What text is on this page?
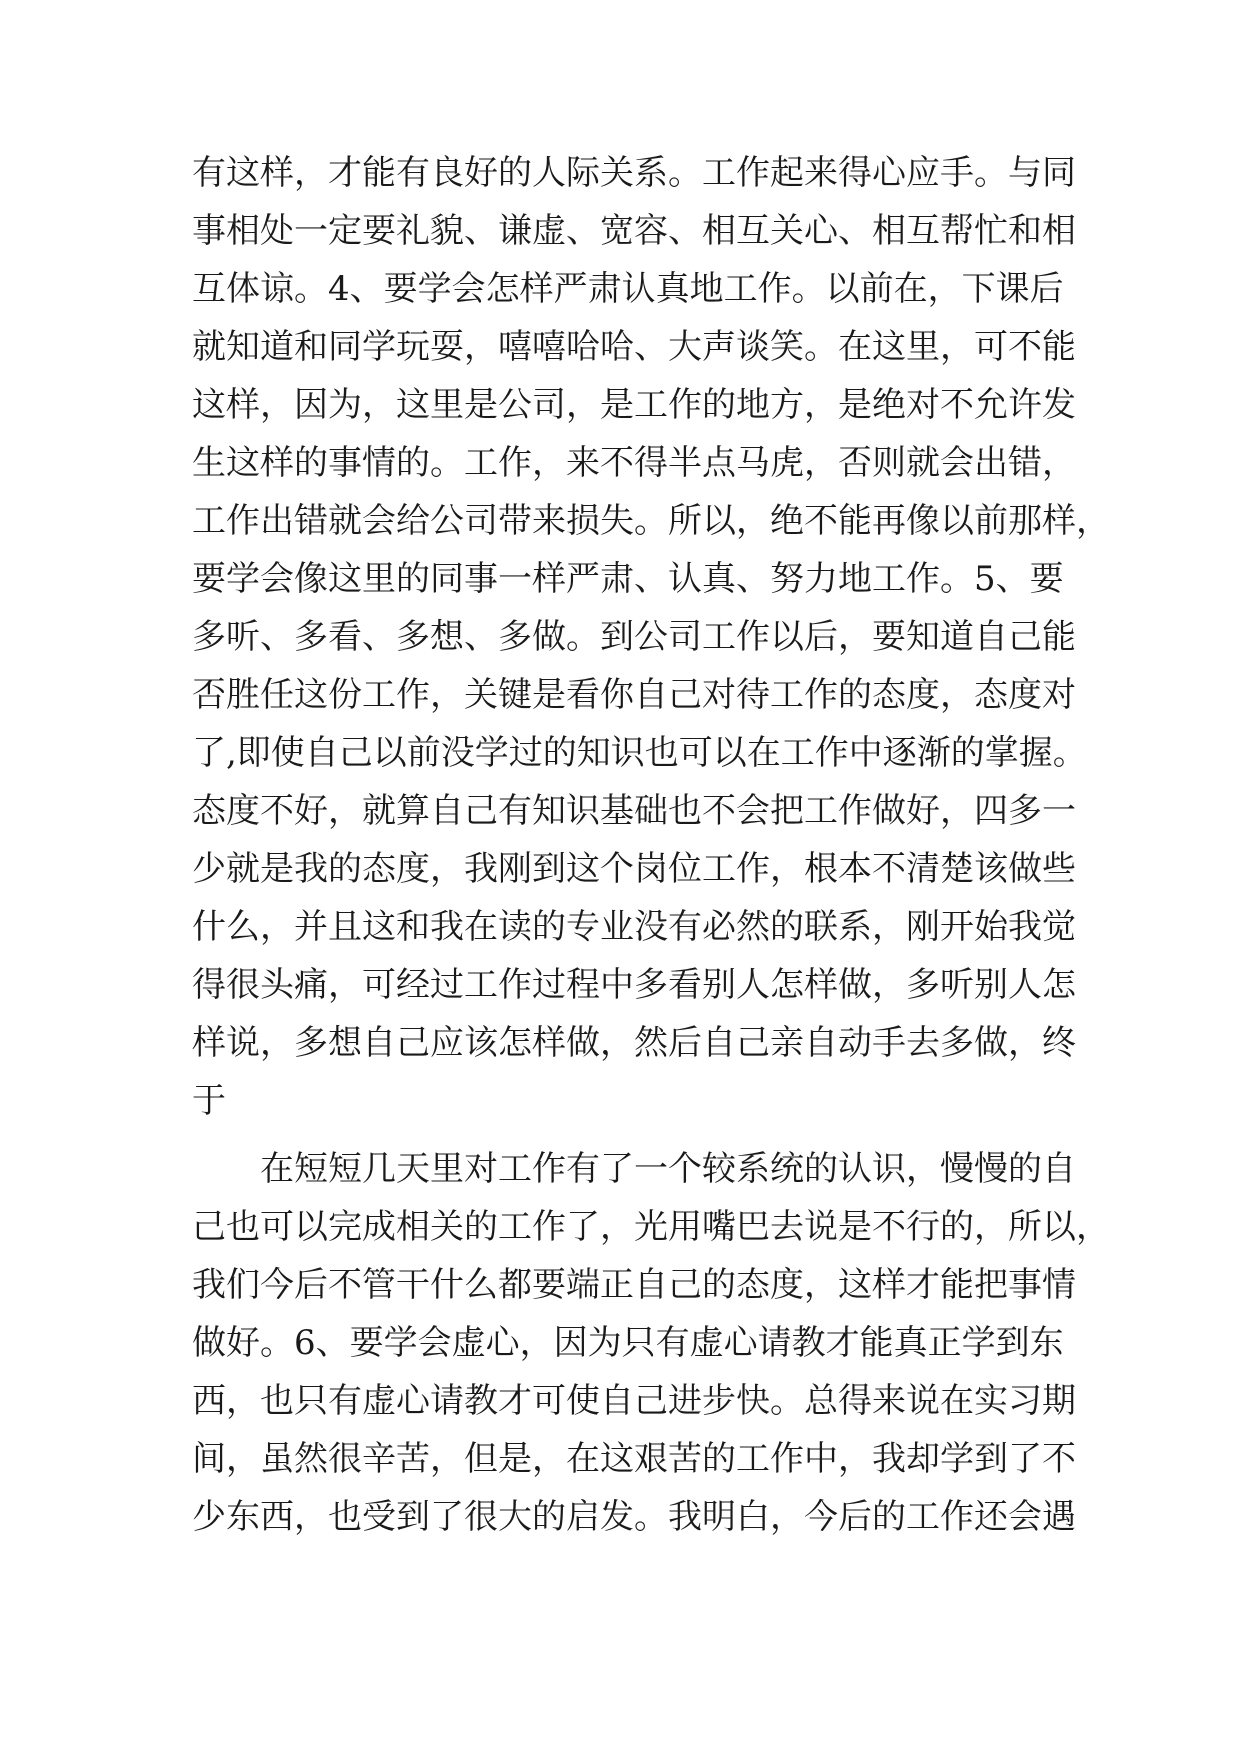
有这样，才能有良好的人际关系。工作起来得心应手。与同
事相处一定要礼貌、谦虚、宽容、相互关心、相互帮忙和相
互体谅。4、要学会怎样严肃认真地工作。以前在，下课后
就知道和同学玩耍，嘻嘻哈哈、大声谈笑。在这里，可不能
这样，因为，这里是公司，是工作的地方，是绝对不允许发
生这样的事情的。工作，来不得半点马虎，否则就会出错，
工作出错就会给公司带来损失。所以，绝不能再像以前那样，
要学会像这里的同事一样严肃、认真、努力地工作。5、要
多听、多看、多想、多做。到公司工作以后，要知道自己能
否胜任这份工作，关键是看你自己对待工作的态度，态度对
了,即使自己以前没学过的知识也可以在工作中逐渐的掌握。
态度不好，就算自己有知识基础也不会把工作做好，四多一
少就是我的态度，我刚到这个岗位工作，根本不清楚该做些
什么，并且这和我在读的专业没有必然的联系，刚开始我觉
得很头痛，可经过工作过程中多看别人怎样做，多听别人怎
样说，多想自己应该怎样做，然后自己亲自动手去多做，终
于
在短短几天里对工作有了一个较系统的认识，慢慢的自
己也可以完成相关的工作了，光用嘴巴去说是不行的，所以，
我们今后不管干什么都要端正自己的态度，这样才能把事情
做好。6、要学会虚心，因为只有虚心请教才能真正学到东
西，也只有虚心请教才可使自己进步快。总得来说在实习期
间，虽然很辛苦，但是，在这艰苦的工作中，我却学到了不
少东西，也受到了很大的启发。我明白，今后的工作还会遇
